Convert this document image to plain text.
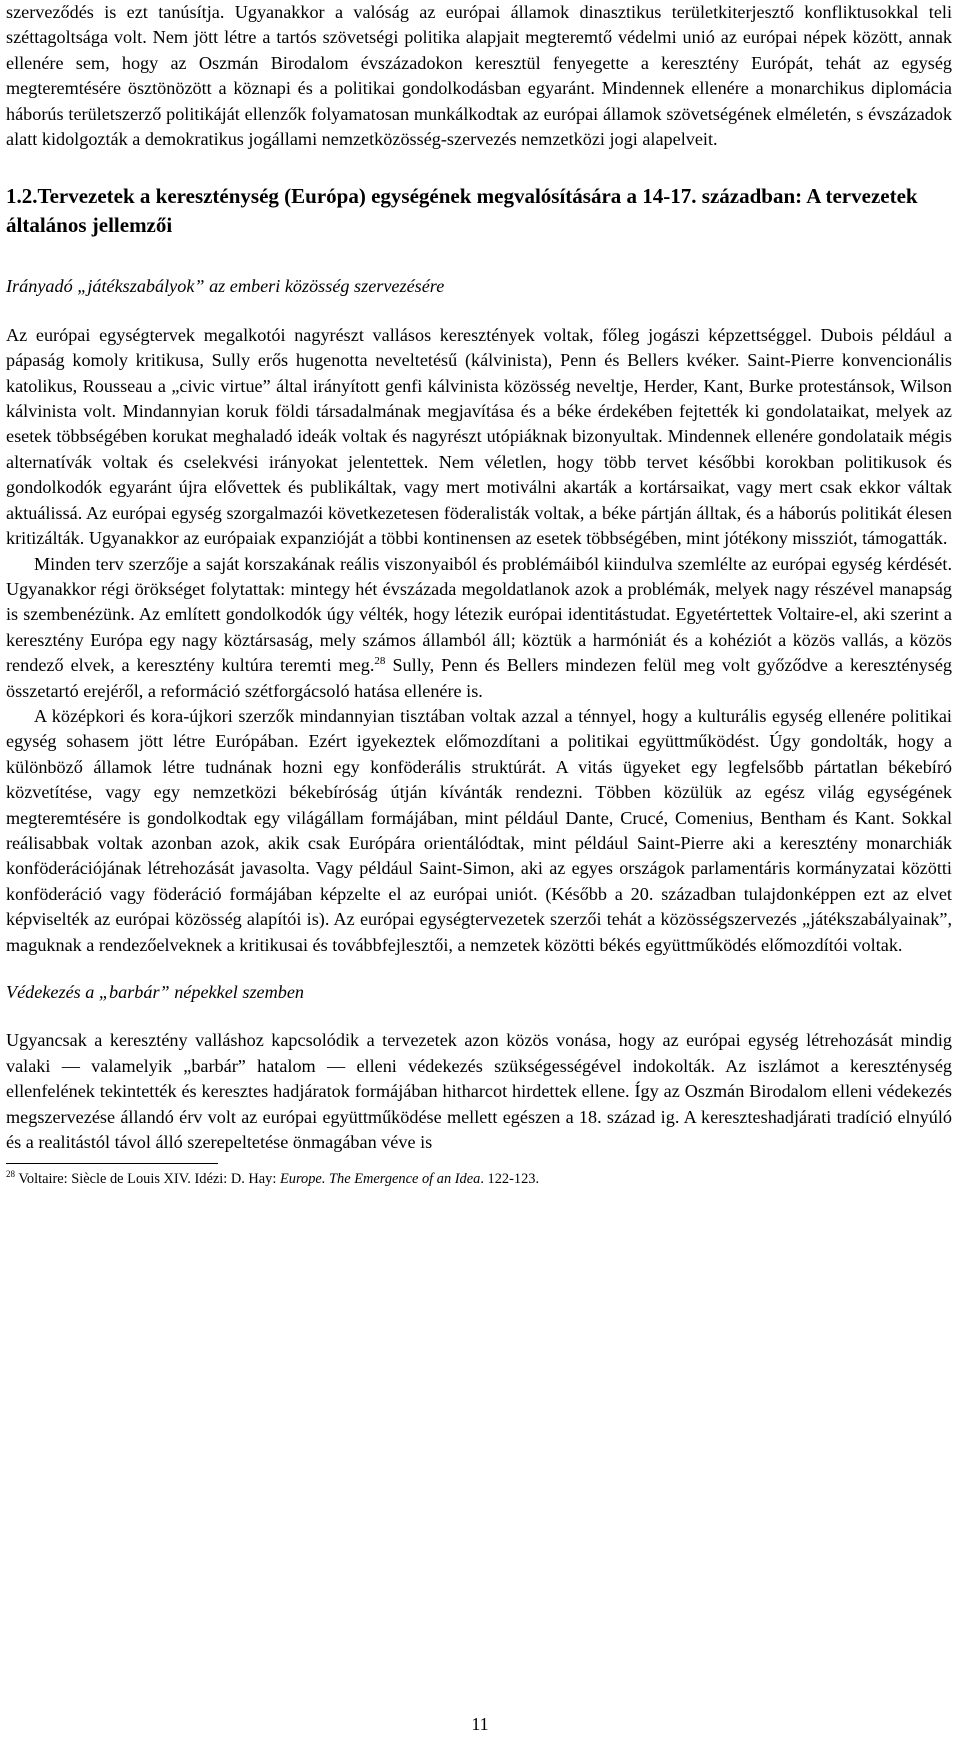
szerveződés is ezt tanúsítja. Ugyanakkor a valóság az európai államok dinasztikus területkiterjesztő konfliktusokkal teli széttagoltsága volt. Nem jött létre a tartós szövetségi politika alapjait megteremtő védelmi unió az európai népek között, annak ellenére sem, hogy az Oszmán Birodalom évszázadokon keresztül fenyegette a keresztény Európát, tehát az egység megteremtésére ösztönözött a köznapi és a politikai gondolkodásban egyaránt. Mindennek ellenére a monarchikus diplomácia háborús területszerző politikáját ellenzők folyamatosan munkálkodtak az európai államok szövetségének elméletén, s évszázadok alatt kidolgozták a demokratikus jogállami nemzetközösség-szervezés nemzetközi jogi alapelveit.

1.2.Tervezetek a kereszténység (Európa) egységének megvalósítására a 14-17. században: A tervezetek általános jellemzői

Irányadó „játékszabályok” az emberi közösség szervezésére

Az európai egységtervek megalkotói nagyrészt vallásos keresztények voltak, főleg jogászi képzettséggel. Dubois például a pápaság komoly kritikusa, Sully erős hugenotta neveltetésű (kálvinista), Penn és Bellers kvéker. Saint-Pierre konvencionális katolikus, Rousseau a „civic virtue” által irányított genfi kálvinista közösség neveltje, Herder, Kant, Burke protestánsok, Wilson kálvinista volt. Mindannyian koruk földi társadalmának megjavítása és a béke érdekében fejtették ki gondolataikat, melyek az esetek többségében korukat meghaladó ideák voltak és nagyrészt utópiáknak bizonyultak. Mindennek ellenére gondolataik mégis alternatívák voltak és cselekvési irányokat jelentettek. Nem véletlen, hogy több tervet későbbi korokban politikusok és gondolkodók egyaránt újra elővettek és publikáltak, vagy mert motiválni akarták a kortársaikat, vagy mert csak ekkor váltak aktuálissá. Az európai egység szorgalmazói következetesen föderalisták voltak, a béke pártján álltak, és a háborús politikát élesen kritizálták. Ugyanakkor az európaiak expanzióját a többi kontinensen az esetek többségében, mint jótékony missziót, támogatták.

Minden terv szerzője a saját korszakának reális viszonyaiból és problémáiból kiindulva szemlélte az európai egység kérdését. Ugyanakkor régi örökséget folytattak: mintegy hét évszázada megoldatlanok azok a problémák, melyek nagy részével manapság is szembenézünk. Az említett gondolkodók úgy vélték, hogy létezik európai identitástudat. Egyetértettek Voltaire-el, aki szerint a keresztény Európa egy nagy köztársaság, mely számos államból áll; köztük a harmóniát és a kohéziót a közös vallás, a közös rendező elvek, a keresztény kultúra teremti meg.$^{28}$ Sully, Penn és Bellers mindezen felül meg volt győződve a kereszténység összetartó erejéről, a reformáció szétforgácsoló hatása ellenére is.

A középkori és kora-újkori szerzők mindannyian tisztában voltak azzal a ténnyel, hogy a kulturális egység ellenére politikai egység sohasem jött létre Európában. Ezért igyekeztek előmozdítani a politikai együttműködést. Úgy gondolták, hogy a különböző államok létre tudnának hozni egy konföderális struktúrát. A vitás ügyeket egy legfelsőbb pártatlan békebíró közvetítése, vagy egy nemzetközi békebíróság útján kívánták rendezni. Többen közülük az egész világ egységének megteremtésére is gondolkodtak egy világállam formájában, mint például Dante, Crucé, Comenius, Bentham és Kant. Sokkal reálisabbak voltak azonban azok, akik csak Európára orientálódtak, mint például Saint-Pierre aki a keresztény monarchiák konföderációjának létrehozását javasolta. Vagy például Saint-Simon, aki az egyes országok parlamentáris kormányzatai közötti konföderáció vagy föderáció formájában képzelte el az európai uniót. (Később a 20. században tulajdonképpen ezt az elvet képviselték az európai közösség alapítói is). Az európai egységtervezetek szerzői tehát a közösségszervezés „játékszabályainak”, maguknak a rendezőelveknek a kritikusai és továbbfejlesztői, a nemzetek közötti békés együttműködés előmozdítói voltak.

Védekezés a „barbár” népekkel szemben

Ugyancsak a keresztény valláshoz kapcsolódik a tervezetek azon közös vonása, hogy az európai egység létrehozását mindig valaki — valamelyik „barbár” hatalom — elleni védekezés szükségességével indokolták. Az iszlámot a kereszténység ellenfelének tekintették és keresztes hadjáratok formájában hitharcot hirdettek ellene. Így az Oszmán Birodalom elleni védekezés megszervezése állandó érv volt az európai együttműködése mellett egészen a 18. század ig. A kereszteshadjárati tradíció elnyúló és a realitástól távol álló szerepeltetése önmagában véve is

$^{28}$ Voltaire: Siècle de Louis XIV. Idézi: D. Hay: Europe. The Emergence of an Idea. 122-123.

11
